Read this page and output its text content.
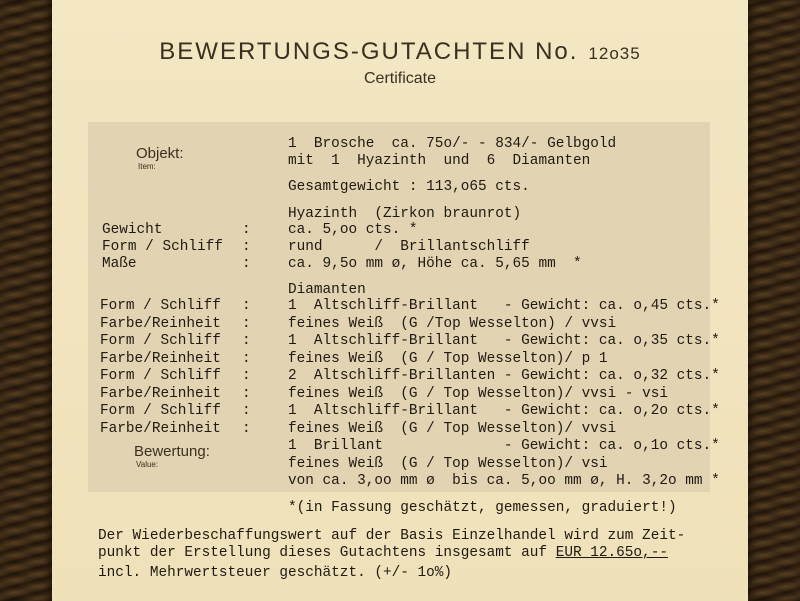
BEWERTUNGS-GUTACHTEN No. 12o35
Certificate
Objekt:
Item:
1  Brosche  ca. 75o/- - 834/- Gelbgold
mit  1  Hyazinth  und  6  Diamanten
Gesamtgewicht : 113,o65 cts.
Hyazinth  (Zirkon braunrot)
Gewicht	:	ca. 5,oo cts. *
Form / Schliff :	rund      /  Brillantschliff
Maße	:	ca. 9,5o mm ø, Höhe ca. 5,65 mm  *
Diamanten
Form / Schliff :	1  Altschliff-Brillant   - Gewicht: ca. o,45 cts.*
Farbe/Reinheit :	feines Weiß  (G /Top Wesselton) / vvsi
Form / Schliff :	1  Altschliff-Brillant   - Gewicht: ca. o,35 cts.*
Farbe/Reinheit :	feines Weiß  (G / Top Wesselton)/ p 1
Form / Schliff :	2  Altschliff-Brillanten - Gewicht: ca. o,32 cts.*
Farbe/Reinheit :	feines Weiß  (G / Top Wesselton)/ vvsi - vsi
Form / Schliff :	1  Altschliff-Brillant   - Gewicht: ca. o,2o cts.*
Farbe/Reinheit :	feines Weiß  (G / Top Wesselton)/ vvsi
Bewertung:
Value:
1  Brillant              - Gewicht: ca. o,1o cts.*
feines Weiß  (G / Top Wesselton)/ vsi
von ca. 3,oo mm ø  bis ca. 5,oo mm ø, H. 3,2o mm *
*(in Fassung geschätzt, gemessen, graduiert!)
Der Wiederbeschaffungswert auf der Basis Einzelhandel wird zum Zeit-
punkt der Erstellung dieses Gutachtens insgesamt auf EUR 12.65o,--
incl. Mehrwertsteuer geschätzt. (+/- 1o%)
